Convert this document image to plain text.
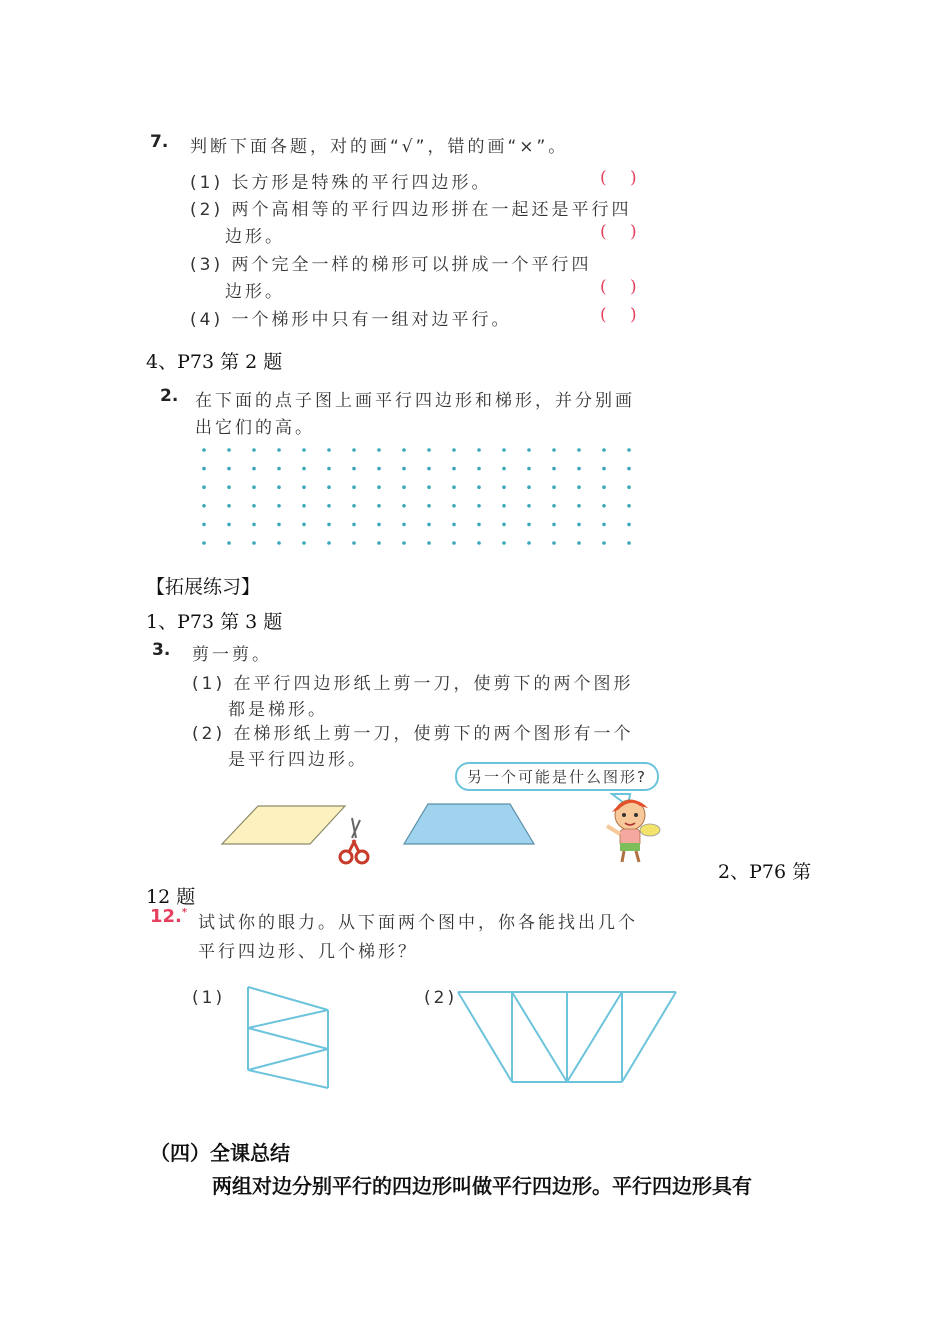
7. 判断下面各题，对的画“√”，错的画“×”。
(1) 长方形是特殊的平行四边形。
(2) 两个高相等的平行四边形拼在一起还是平行四
边形。
(3) 两个完全一样的梯形可以拼成一个平行四
边形。
(4) 一个梯形中只有一组对边平行。
( )
( )
( )
( )
4、P73 第 2 题
2. 在下面的点子图上画平行四边形和梯形，并分别画
出它们的高。
【拓展练习】
1、P73 第 3 题
3. 剪一剪。
(1) 在平行四边形纸上剪一刀，使剪下的两个图形
都是梯形。
(2) 在梯形纸上剪一刀，使剪下的两个图形有一个
是平行四边形。
另一个可能是什么图形?
2、P76 第
12 题
12.*
试试你的眼力。从下面两个图中，你各能找出几个
平行四边形、几个梯形？
(1)	(2)
（四）全课总结
两组对边分别平行的四边形叫做平行四边形。平行四边形具有
